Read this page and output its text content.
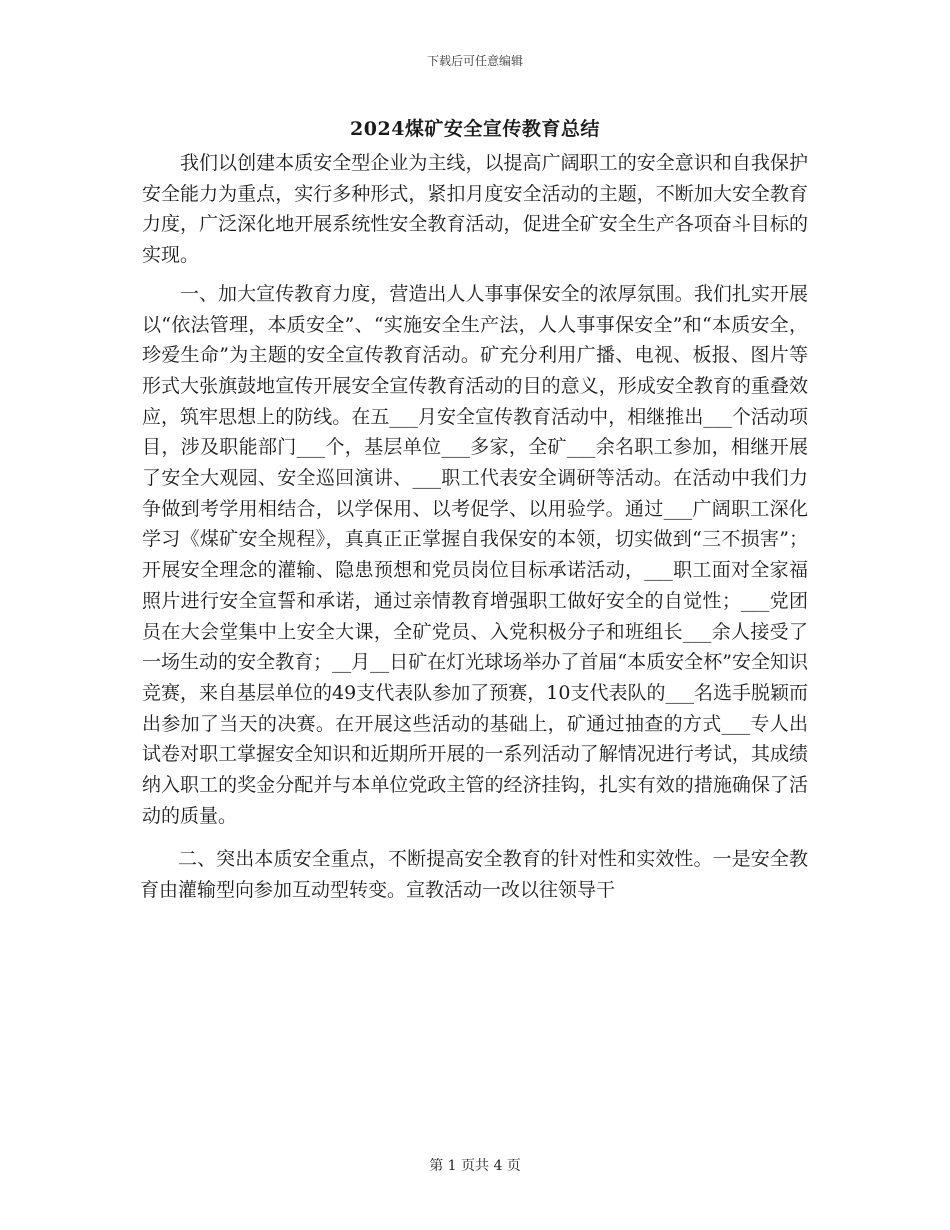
下载后可任意编辑
2024煤矿安全宣传教育总结

我们以创建本质安全型企业为主线，以提高广阔职工的安全意识和自我保护安全能力为重点，实行多种形式，紧扣月度安全活动的主题，不断加大安全教育力度，广泛深化地开展系统性安全教育活动，促进全矿安全生产各项奋斗目标的实现。

一、加大宣传教育力度，营造出人人事事保安全的浓厚氛围。我们扎实开展以“依法管理，本质安全”、“实施安全生产法，人人事事保安全”和“本质安全，珍爱生命”为主题的安全宣传教育活动。矿充分利用广播、电视、板报、图片等形式大张旗鼓地宣传开展安全宣传教育活动的目的意义，形成安全教育的重叠效应，筑牢思想上的防线。在五___月安全宣传教育活动中，相继推出___个活动项目，涉及职能部门___个，基层单位___多家，全矿___余名职工参加，相继开展了安全大观园、安全巡回演讲、___职工代表安全调研等活动。在活动中我们力争做到考学用相结合，以学保用、以考促学、以用验学。通过___广阔职工深化学习《煤矿安全规程》，真真正正掌握自我保安的本领，切实做到“三不损害”；开展安全理念的灌输、隐患预想和党员岗位目标承诺活动，___职工面对全家福照片进行安全宣誓和承诺，通过亲情教育增强职工做好安全的自觉性；___党团员在大会堂集中上安全大课，全矿党员、入党积极分子和班组长___余人接受了一场生动的安全教育；__月__日矿在灯光球场举办了首届“本质安全杯”安全知识竞赛，来自基层单位的49支代表队参加了预赛，10支代表队的___名选手脱颖而出参加了当天的决赛。在开展这些活动的基础上，矿通过抽查的方式___专人出试卷对职工掌握安全知识和近期所开展的一系列活动了解情况进行考试，其成绩纳入职工的奖金分配并与本单位党政主管的经济挂钩，扎实有效的措施确保了活动的质量。

二、突出本质安全重点，不断提高安全教育的针对性和实效性。一是安全教育由灌输型向参加互动型转变。宣教活动一改以往领导干

第 1 页共 4 页
